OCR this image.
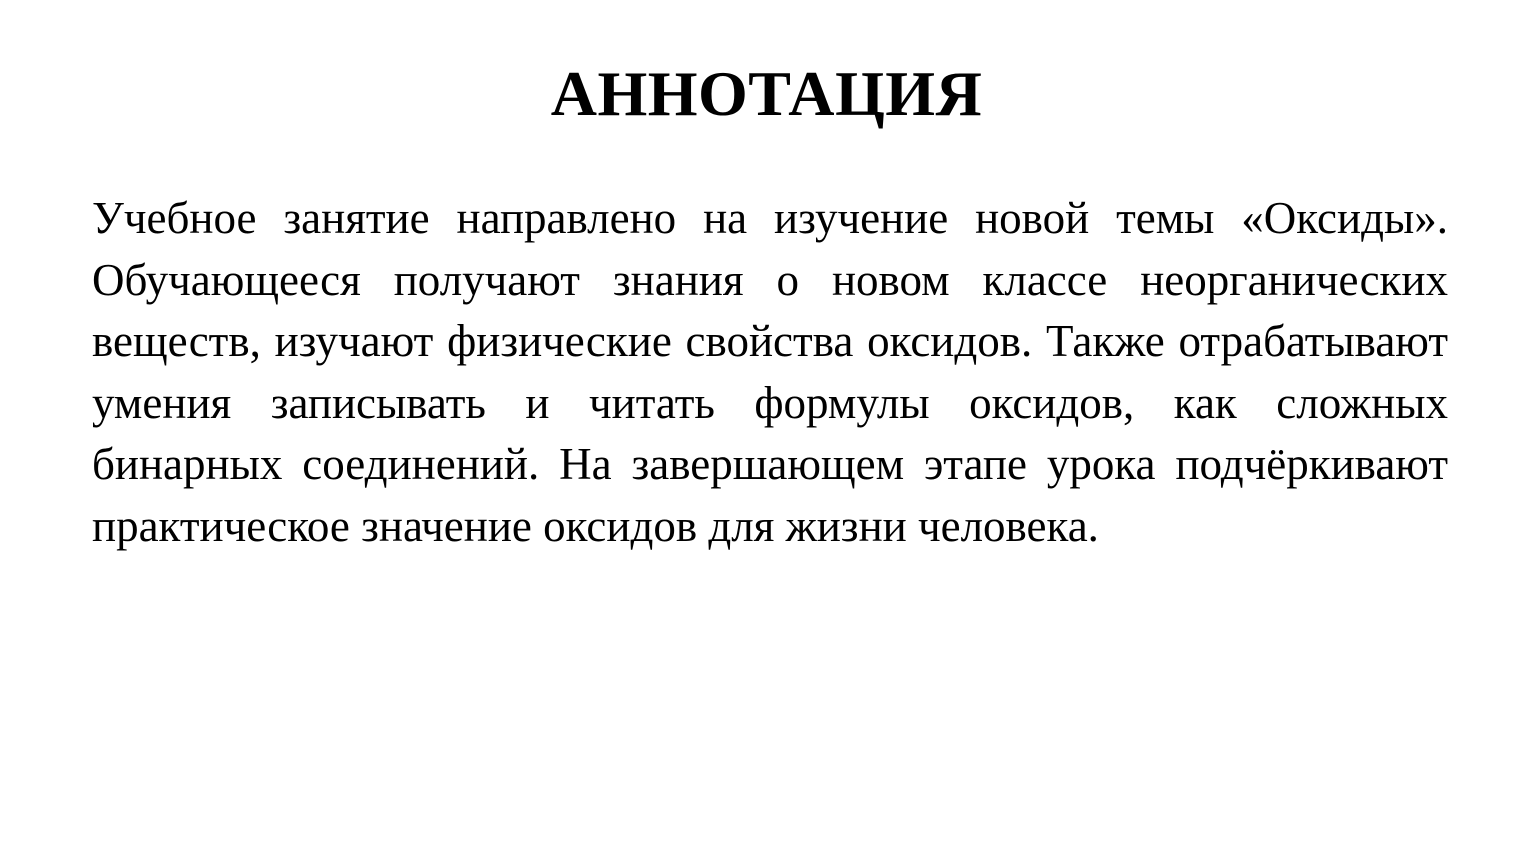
АННОТАЦИЯ

Учебное занятие направлено на изучение новой темы «Оксиды». Обучающееся получают знания о новом классе неорганических веществ, изучают физические свойства оксидов. Также отрабатывают умения записывать и читать формулы оксидов, как сложных бинарных соединений. На завершающем этапе урока подчёркивают практическое значение оксидов для жизни человека.
